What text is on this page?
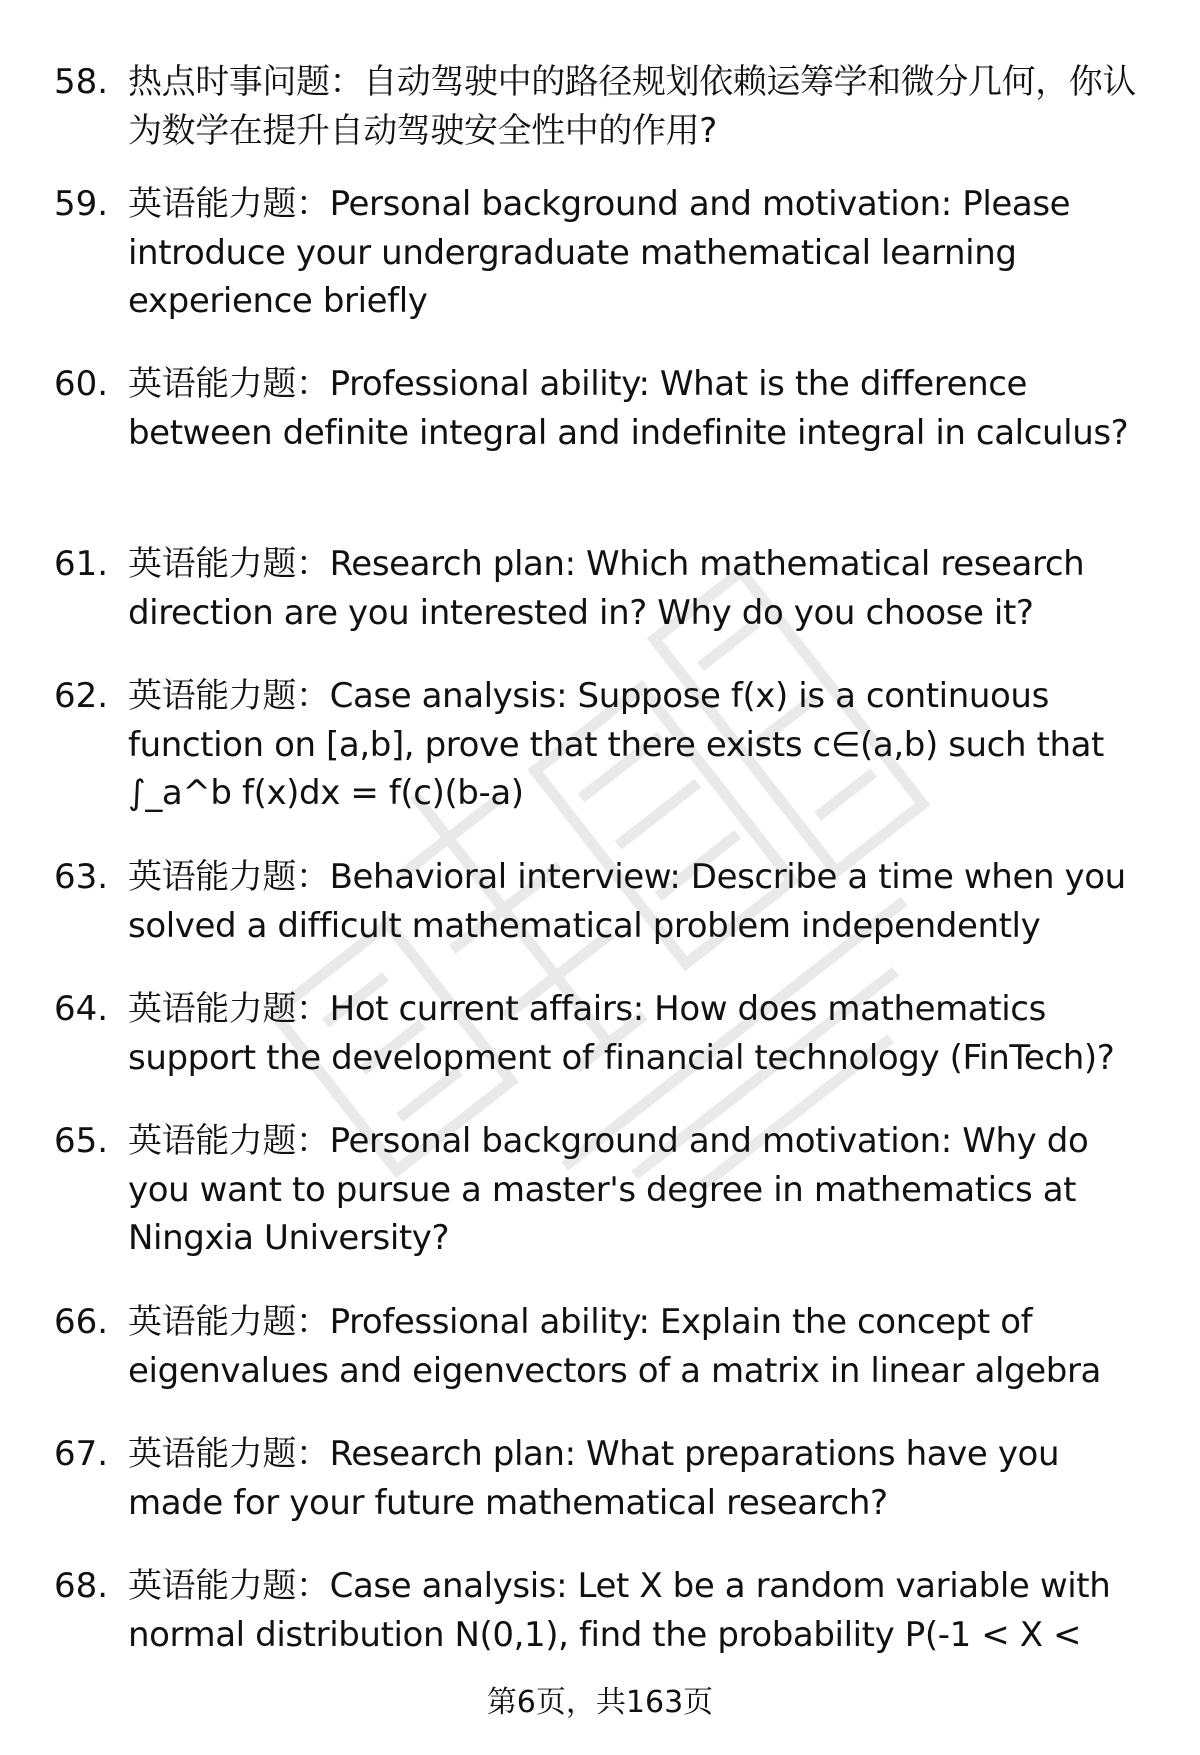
58. 热点时事问题：自动驾驶中的路径规划依赖运筹学和微分几何，你认为数学在提升自动驾驶安全性中的作用?
59. 英语能力题：Personal background and motivation: Please introduce your undergraduate mathematical learning experience briefly
60. 英语能力题：Professional ability: What is the difference between definite integral and indefinite integral in calculus?
61. 英语能力题：Research plan: Which mathematical research direction are you interested in? Why do you choose it?
62. 英语能力题：Case analysis: Suppose f(x) is a continuous function on [a,b], prove that there exists c∈(a,b) such that ∫_a^b f(x)dx = f(c)(b-a)
63. 英语能力题：Behavioral interview: Describe a time when you solved a difficult mathematical problem independently
64. 英语能力题：Hot current affairs: How does mathematics support the development of financial technology (FinTech)?
65. 英语能力题：Personal background and motivation: Why do you want to pursue a master's degree in mathematics at Ningxia University?
66. 英语能力题：Professional ability: Explain the concept of eigenvalues and eigenvectors of a matrix in linear algebra
67. 英语能力题：Research plan: What preparations have you made for your future mathematical research?
68. 英语能力题：Case analysis: Let X be a random variable with normal distribution N(0,1), find the probability P(-1 < X <
第6页，共163页
